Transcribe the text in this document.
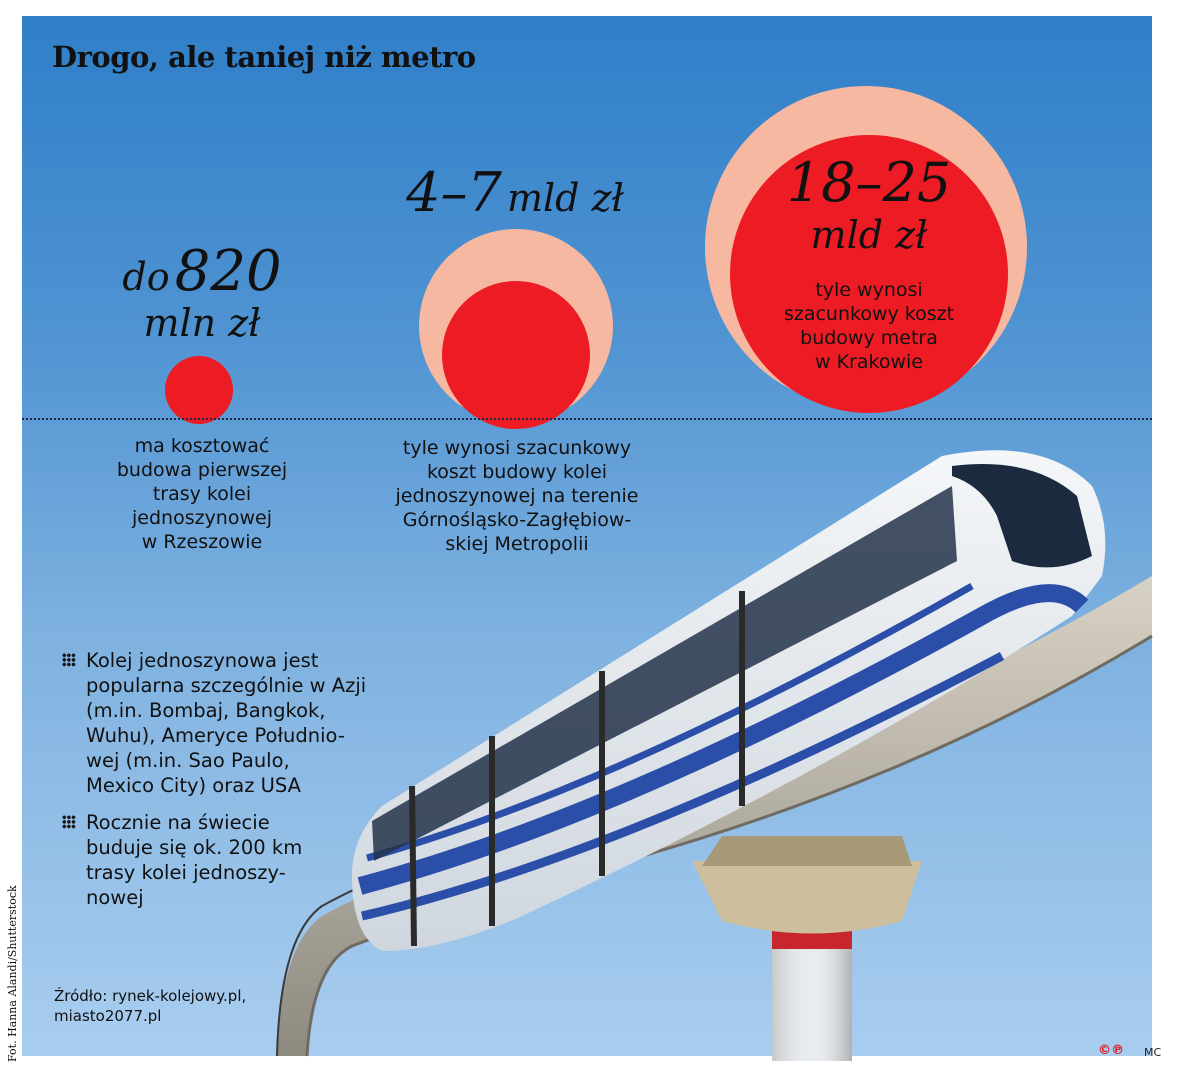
Drogo, ale taniej niż metro
do 820
mln zł
ma kosztować
budowa pierwszej
trasy kolei
jednoszynowej
w Rzeszowie
4–7 mld zł
tyle wynosi szacunkowy
koszt budowy kolei
jednoszynowej na terenie
Górnośląsko-Zagłębiow-
skiej Metropolii
18–25
mld zł
tyle wynosi
szacunkowy koszt
budowy metra
w Krakowie
Kolej jednoszynowa jest
popularna szczególnie w Azji
(m.in. Bombaj, Bangkok,
Wuhu), Ameryce Południo-
wej (m.in. Sao Paulo,
Mexico City) oraz USA
Rocznie na świecie
buduje się ok. 200 km
trasy kolei jednoszy-
nowej
Źródło: rynek-kolejowy.pl,
miasto2077.pl
©℗ MC
Fot. Hanna Alandi/Shutterstock
